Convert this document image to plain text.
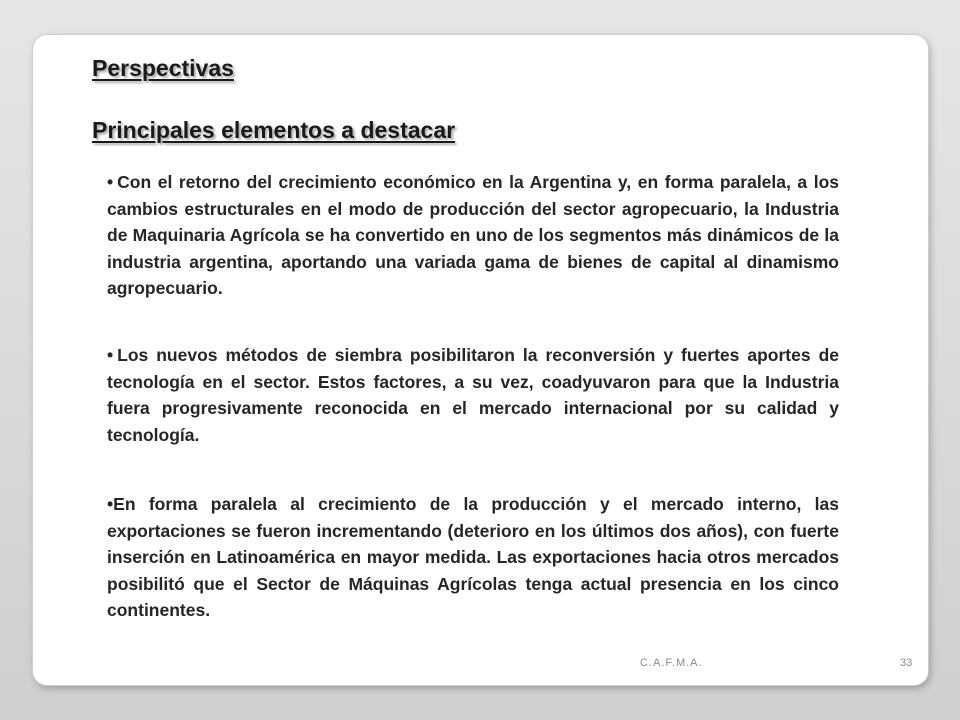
Perspectivas
Principales elementos a destacar

• Con el retorno del crecimiento económico en la Argentina y, en forma paralela, a los cambios estructurales en el modo de producción del sector agropecuario, la Industria de Maquinaria Agrícola se ha convertido en uno de los segmentos más dinámicos de la industria argentina, aportando una variada gama de bienes de capital al dinamismo agropecuario.

• Los nuevos métodos de siembra posibilitaron la reconversión y fuertes aportes de tecnología en el sector. Estos factores, a su vez, coadyuvaron para que la Industria fuera progresivamente reconocida en el mercado internacional por su calidad y tecnología.

•En forma paralela al crecimiento de la producción y el mercado interno, las exportaciones se fueron incrementando (deterioro en los últimos dos años), con fuerte inserción en Latinoamérica en mayor medida. Las exportaciones hacia otros mercados posibilitó que el Sector de Máquinas Agrícolas tenga actual presencia en los cinco continentes.

C.A.F.M.A.	33
